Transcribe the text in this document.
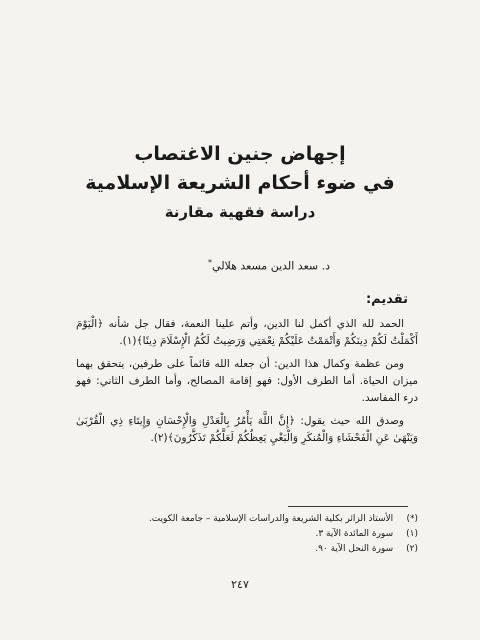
إجهاض جنين الاغتصاب
في ضوء أحكام الشريعة الإسلامية
دراسة فقهية مقارنة
د. سعد الدين مسعد هلالي*
تقديم:

الحمد لله الذي أكمل لنا الدين، وأتم علينا النعمة، فقال جل شأنه ﴿الْيَوْمَ أَكْمَلْتُ لَكُمْ دِينَكُمْ وَأَتْمَمْتُ عَلَيْكُمْ نِعْمَتِي وَرَضِيتُ لَكُمُ الْإِسْلَامَ دِينًا﴾(١).

ومن عظمة وكمال هذا الدين: أن جعله الله قائماً على طرفين، يتحقق بهما ميزان الحياة. أما الطرف الأول: فهو إقامة المصالح، وأما الطرف الثاني: فهو درء المفاسد.

وصدق الله حيث يقول: ﴿إِنَّ اللَّهَ يَأْمُرُ بِالْعَدْلِ وَالْإِحْسَانِ وَإِيتَاءِ ذِي الْقُرْبَىٰ وَيَنْهَىٰ عَنِ الْفَحْشَاءِ وَالْمُنكَرِ وَالْبَغْيِ يَعِظُكُمْ لَعَلَّكُمْ تَذَكَّرُونَ﴾(٢).

(*) الأستاذ الزائر بكلية الشريعة والدراسات الإسلامية – جامعة الكويت.
(١) سورة المائدة الآية ٣.
(٢) سورة النحل الآية ٩٠.
٢٤٧
